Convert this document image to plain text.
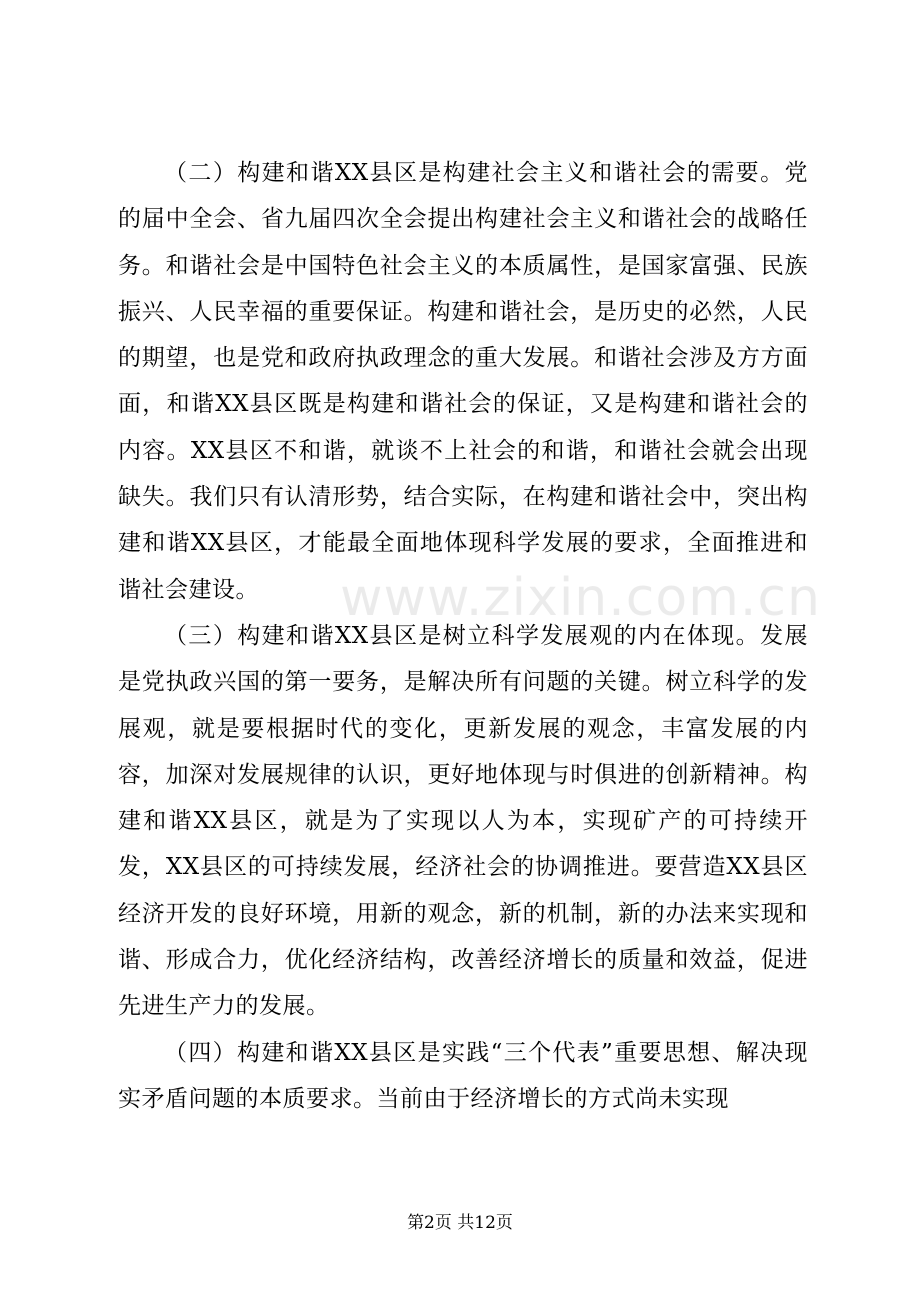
（二）构建和谐XX县区是构建社会主义和谐社会的需要。党的届中全会、省九届四次全会提出构建社会主义和谐社会的战略任务。和谐社会是中国特色社会主义的本质属性，是国家富强、民族振兴、人民幸福的重要保证。构建和谐社会，是历史的必然，人民的期望，也是党和政府执政理念的重大发展。和谐社会涉及方方面面，和谐XX县区既是构建和谐社会的保证，又是构建和谐社会的内容。XX县区不和谐，就谈不上社会的和谐，和谐社会就会出现缺失。我们只有认清形势，结合实际，在构建和谐社会中，突出构建和谐XX县区，才能最全面地体现科学发展的要求，全面推进和谐社会建设。

（三）构建和谐XX县区是树立科学发展观的内在体现。发展是党执政兴国的第一要务，是解决所有问题的关键。树立科学的发展观，就是要根据时代的变化，更新发展的观念，丰富发展的内容，加深对发展规律的认识，更好地体现与时俱进的创新精神。构建和谐XX县区，就是为了实现以人为本，实现矿产的可持续开发，XX县区的可持续发展，经济社会的协调推进。要营造XX县区经济开发的良好环境，用新的观念，新的机制，新的办法来实现和谐、形成合力，优化经济结构，改善经济增长的质量和效益，促进先进生产力的发展。

（四）构建和谐XX县区是实践“三个代表”重要思想、解决现实矛盾问题的本质要求。当前由于经济增长的方式尚未实现

www.zixin.com.cn
第2页 共12页
